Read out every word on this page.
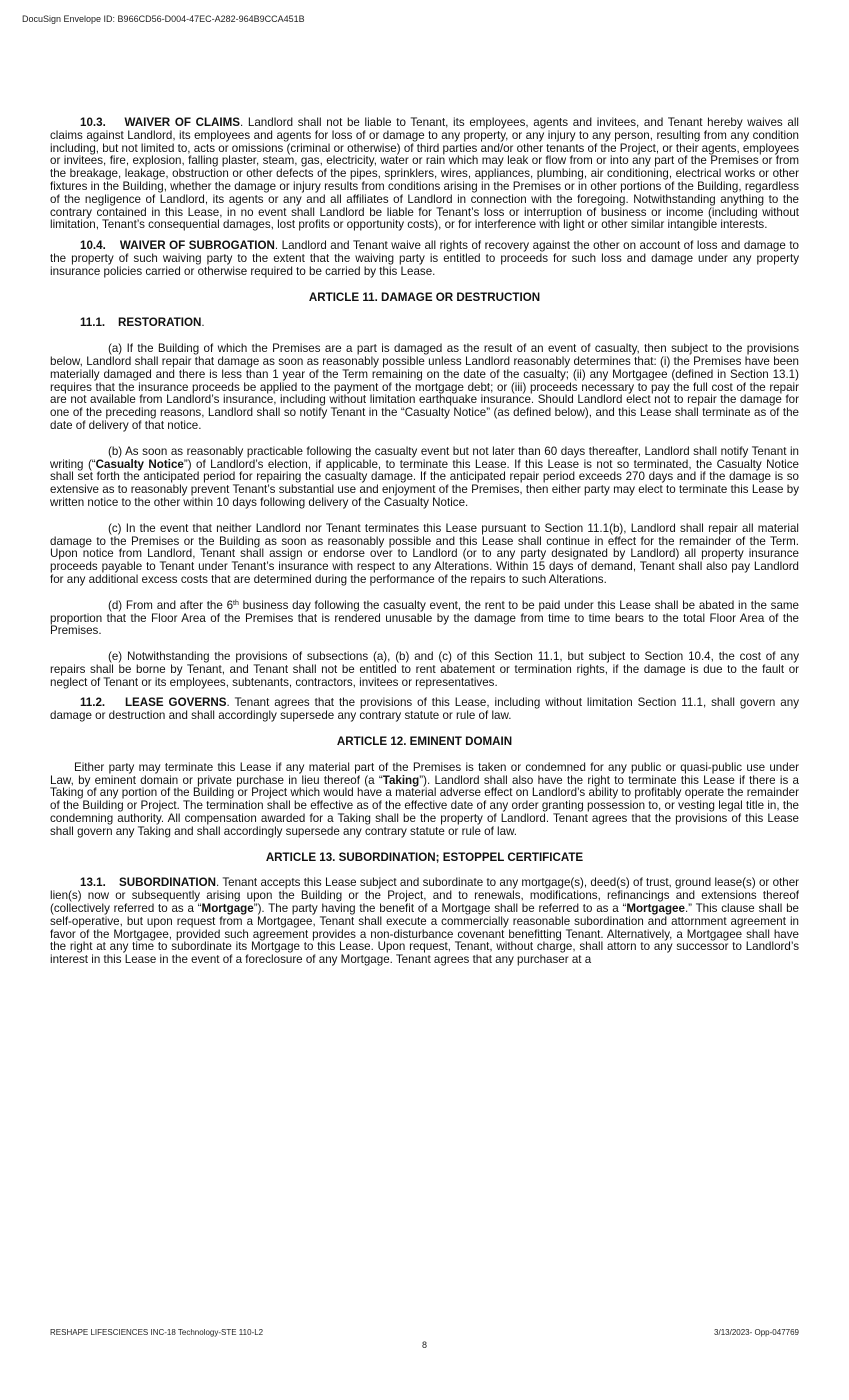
DocuSign Envelope ID: B966CD56-D004-47EC-A282-964B9CCA451B

10.3. WAIVER OF CLAIMS. Landlord shall not be liable to Tenant, its employees, agents and invitees, and Tenant hereby waives all claims against Landlord, its employees and agents for loss of or damage to any property, or any injury to any person, resulting from any condition including, but not limited to, acts or omissions (criminal or otherwise) of third parties and/or other tenants of the Project, or their agents, employees or invitees, fire, explosion, falling plaster, steam, gas, electricity, water or rain which may leak or flow from or into any part of the Premises or from the breakage, leakage, obstruction or other defects of the pipes, sprinklers, wires, appliances, plumbing, air conditioning, electrical works or other fixtures in the Building, whether the damage or injury results from conditions arising in the Premises or in other portions of the Building, regardless of the negligence of Landlord, its agents or any and all affiliates of Landlord in connection with the foregoing. Notwithstanding anything to the contrary contained in this Lease, in no event shall Landlord be liable for Tenant’s loss or interruption of business or income (including without limitation, Tenant’s consequential damages, lost profits or opportunity costs), or for interference with light or other similar intangible interests.

10.4. WAIVER OF SUBROGATION. Landlord and Tenant waive all rights of recovery against the other on account of loss and damage to the property of such waiving party to the extent that the waiving party is entitled to proceeds for such loss and damage under any property insurance policies carried or otherwise required to be carried by this Lease.

ARTICLE 11. DAMAGE OR DESTRUCTION

11.1. RESTORATION.

(a) If the Building of which the Premises are a part is damaged as the result of an event of casualty, then subject to the provisions below, Landlord shall repair that damage as soon as reasonably possible unless Landlord reasonably determines that: (i) the Premises have been materially damaged and there is less than 1 year of the Term remaining on the date of the casualty; (ii) any Mortgagee (defined in Section 13.1) requires that the insurance proceeds be applied to the payment of the mortgage debt; or (iii) proceeds necessary to pay the full cost of the repair are not available from Landlord’s insurance, including without limitation earthquake insurance. Should Landlord elect not to repair the damage for one of the preceding reasons, Landlord shall so notify Tenant in the “Casualty Notice” (as defined below), and this Lease shall terminate as of the date of delivery of that notice.

(b) As soon as reasonably practicable following the casualty event but not later than 60 days thereafter, Landlord shall notify Tenant in writing (“Casualty Notice”) of Landlord’s election, if applicable, to terminate this Lease. If this Lease is not so terminated, the Casualty Notice shall set forth the anticipated period for repairing the casualty damage. If the anticipated repair period exceeds 270 days and if the damage is so extensive as to reasonably prevent Tenant’s substantial use and enjoyment of the Premises, then either party may elect to terminate this Lease by written notice to the other within 10 days following delivery of the Casualty Notice.

(c) In the event that neither Landlord nor Tenant terminates this Lease pursuant to Section 11.1(b), Landlord shall repair all material damage to the Premises or the Building as soon as reasonably possible and this Lease shall continue in effect for the remainder of the Term. Upon notice from Landlord, Tenant shall assign or endorse over to Landlord (or to any party designated by Landlord) all property insurance proceeds payable to Tenant under Tenant’s insurance with respect to any Alterations. Within 15 days of demand, Tenant shall also pay Landlord for any additional excess costs that are determined during the performance of the repairs to such Alterations.

(d) From and after the 6th business day following the casualty event, the rent to be paid under this Lease shall be abated in the same proportion that the Floor Area of the Premises that is rendered unusable by the damage from time to time bears to the total Floor Area of the Premises.

(e) Notwithstanding the provisions of subsections (a), (b) and (c) of this Section 11.1, but subject to Section 10.4, the cost of any repairs shall be borne by Tenant, and Tenant shall not be entitled to rent abatement or termination rights, if the damage is due to the fault or neglect of Tenant or its employees, subtenants, contractors, invitees or representatives.

11.2. LEASE GOVERNS. Tenant agrees that the provisions of this Lease, including without limitation Section 11.1, shall govern any damage or destruction and shall accordingly supersede any contrary statute or rule of law.

ARTICLE 12. EMINENT DOMAIN

Either party may terminate this Lease if any material part of the Premises is taken or condemned for any public or quasi-public use under Law, by eminent domain or private purchase in lieu thereof (a “Taking”). Landlord shall also have the right to terminate this Lease if there is a Taking of any portion of the Building or Project which would have a material adverse effect on Landlord’s ability to profitably operate the remainder of the Building or Project. The termination shall be effective as of the effective date of any order granting possession to, or vesting legal title in, the condemning authority. All compensation awarded for a Taking shall be the property of Landlord. Tenant agrees that the provisions of this Lease shall govern any Taking and shall accordingly supersede any contrary statute or rule of law.

ARTICLE 13. SUBORDINATION; ESTOPPEL CERTIFICATE

13.1. SUBORDINATION. Tenant accepts this Lease subject and subordinate to any mortgage(s), deed(s) of trust, ground lease(s) or other lien(s) now or subsequently arising upon the Building or the Project, and to renewals, modifications, refinancings and extensions thereof (collectively referred to as a “Mortgage”). The party having the benefit of a Mortgage shall be referred to as a “Mortgagee.” This clause shall be self-operative, but upon request from a Mortgagee, Tenant shall execute a commercially reasonable subordination and attornment agreement in favor of the Mortgagee, provided such agreement provides a non-disturbance covenant benefitting Tenant. Alternatively, a Mortgagee shall have the right at any time to subordinate its Mortgage to this Lease. Upon request, Tenant, without charge, shall attorn to any successor to Landlord’s interest in this Lease in the event of a foreclosure of any Mortgage. Tenant agrees that any purchaser at a

RESHAPE LIFESCIENCES INC-18 Technology-STE 110-L2	3/13/2023- Opp-047769
8
